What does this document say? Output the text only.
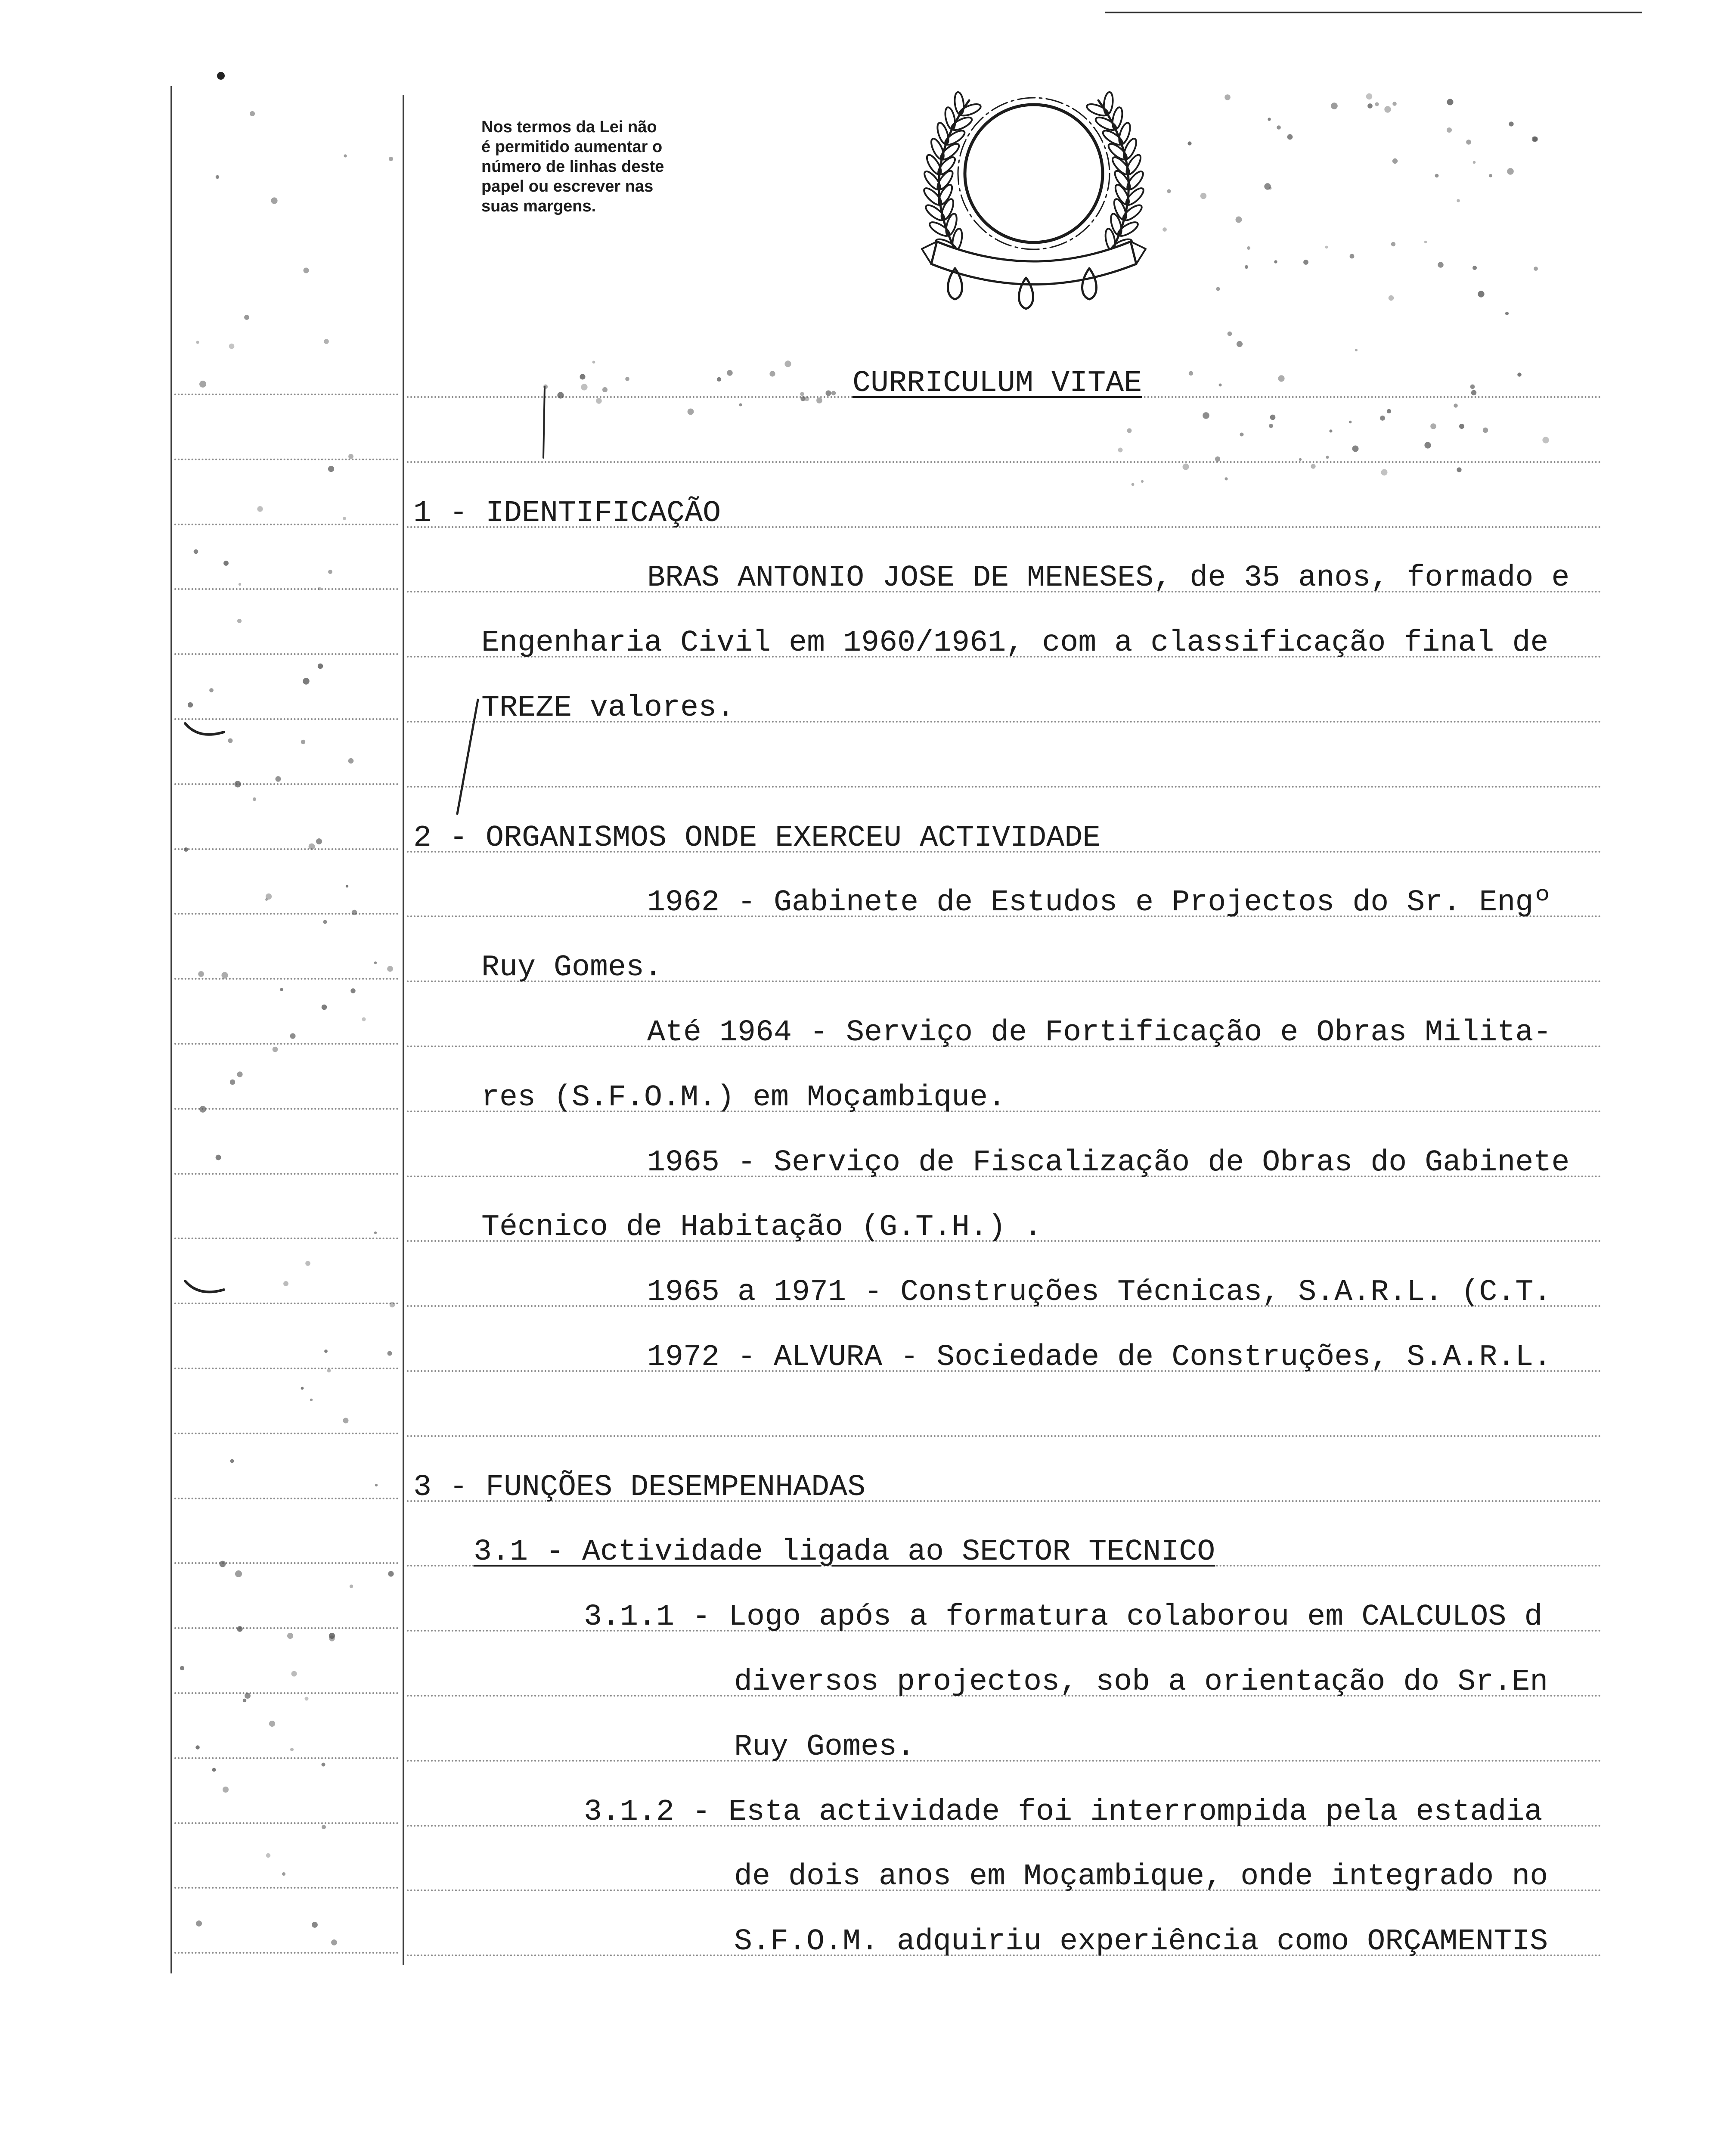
Nos termos da Lei não
é permitido aumentar o
número de linhas deste
papel ou escrever nas
suas margens.
CURRICULUM VITAE
1 - IDENTIFICAÇÃO
BRAS ANTONIO JOSE DE MENESES, de 35 anos, formado e
Engenharia Civil em 1960/1961, com a classificação final de
TREZE valores.
2 - ORGANISMOS ONDE EXERCEU ACTIVIDADE
1962 - Gabinete de Estudos e Projectos do Sr. Engº
Ruy Gomes.
Até 1964 - Serviço de Fortificação e Obras Milita-
res (S.F.O.M.) em Moçambique.
1965 - Serviço de Fiscalização de Obras do Gabinete
Técnico de Habitação (G.T.H.) .
1965 a 1971 - Construções Técnicas, S.A.R.L. (C.T.
1972 - ALVURA - Sociedade de Construções, S.A.R.L.
3 - FUNÇÕES DESEMPENHADAS
3.1 - Actividade ligada ao SECTOR TECNICO
3.1.1 - Logo após a formatura colaborou em CALCULOS d
diversos projectos, sob a orientação do Sr.En
Ruy Gomes.
3.1.2 - Esta actividade foi interrompida pela estadia
de dois anos em Moçambique, onde integrado no
S.F.O.M. adquiriu experiência como ORÇAMENTIS
